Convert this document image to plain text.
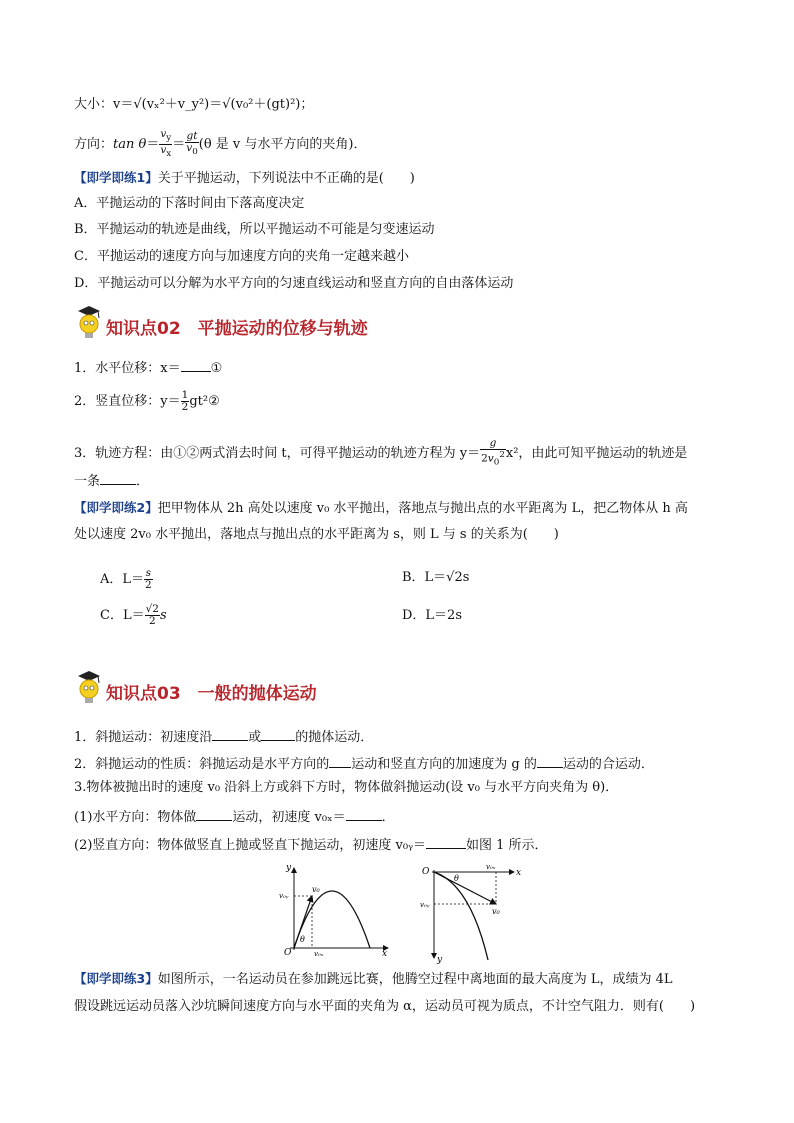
大小：v＝√(vₓ²＋v_y²)＝√(v₀²＋(gt)²)；
方向：$\tan \theta= \frac{v_y}{v_x} = \frac{gt}{v_0} (\theta$ 是 v 与水平方向的夹角)．
【即学即练1】关于平抛运动，下列说法中不正确的是(　　)
A．平抛运动的下落时间由下落高度决定
B．平抛运动的轨迹是曲线，所以平抛运动不可能是匀变速运动
C．平抛运动的速度方向与加速度方向的夹角一定越来越小
D．平抛运动可以分解为水平方向的匀速直线运动和竖直方向的自由落体运动
知识点02　平抛运动的位移与轨迹
1．水平位移：x＝ ①
2．竖直位移：$y= \frac{1}{2}$ gt²②
3．轨迹方程：由①②两式消去时间 t，可得平抛运动的轨迹方程为 $y= \frac{g}{2v_0^2} x^2$，由此可知平抛运动的轨迹是
一条	．
【即学即练2】把甲物体从 2h 高处以速度 v₀ 水平抛出，落地点与抛出点的水平距离为 L，把乙物体从 h 高
处以速度 2v₀ 水平抛出，落地点与抛出点的水平距离为 s，则 L 与 s 的关系为(　　)
A．$L= \frac{s}{2}$	B．L＝√2s
C．$L= \frac{√2}{2}$ s	D．L＝2s
知识点03　一般的抛体运动
1．斜抛运动：初速度沿	或	的抛体运动．
2．斜抛运动的性质：斜抛运动是水平方向的 运动和竖直方向的加速度为 g 的 运动的合运动．
3.物体被抛出时的速度 v₀ 沿斜上方或斜下方时，物体做斜抛运动(设 v₀ 与水平方向夹角为 θ)．
(1)水平方向：物体做	运动，初速度 v₀ₓ＝	．
(2)竖直方向：物体做竖直上抛或竖直下抛运动，初速度 v₀ᵧ＝	如图 1 所示．
y
x
O
v₀
v₀ᵧ
v₀ₓ
θ
O	x
y
θ
v₀ₓ
v₀ᵧ
v₀
【即学即练3】如图所示，一名运动员在参加跳远比赛，他腾空过程中离地面的最大高度为 L，成绩为 4L
假设跳远运动员落入沙坑瞬间速度方向与水平面的夹角为 α，运动员可视为质点，不计空气阻力．则有(　　)
